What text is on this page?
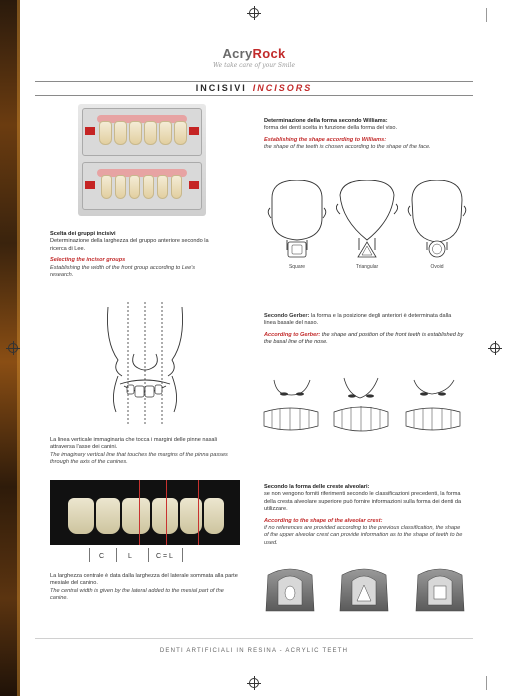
AcryRock
We take care of your Smile
INCISIVI INCISORS
Scelta dei gruppi incisivi
Determinazione della larghezza del gruppo anteriore secondo la ricerca di Lee.
Selecting the incisor groups
Establishing the width of the front group according to Lee's research.
La linea verticale immaginaria che tocca i margini delle pinne nasali attraversa l'asse dei canini.
The imaginary vertical line that touches the margins of the pinna passes through the axis of the canines.
C	L	C = L
La larghezza centrale è data dalla larghezza del laterale sommata alla parte mesiale del canino.
The central width is given by the lateral added to the mesial part of the canine.
Determinazione della forma secondo Williams:
forma dei denti scelta in funzione della forma del viso.
Establishing the shape according to Williams:
the shape of the teeth is chosen according to the shape of the face.
Square	Triangular	Ovoid
Secondo Gerber: la forma e la posizione degli anteriori è determinata dalla linea basale del naso.
According to Gerber: the shape and position of the front teeth is established by the basal line of the nose.
Secondo la forma delle creste alveolari:
se non vengono forniti riferimenti secondo le classificazioni precedenti, la forma della cresta alveolare superiore può fornire informazioni sulla forma dei denti da utilizzare.
According to the shape of the alveolar crest:
if no references are provided according to the previous classification, the shape of the upper alveolar crest can provide information as to the shape of teeth to be used.
DENTI ARTIFICIALI IN RESINA - ACRYLIC TEETH
